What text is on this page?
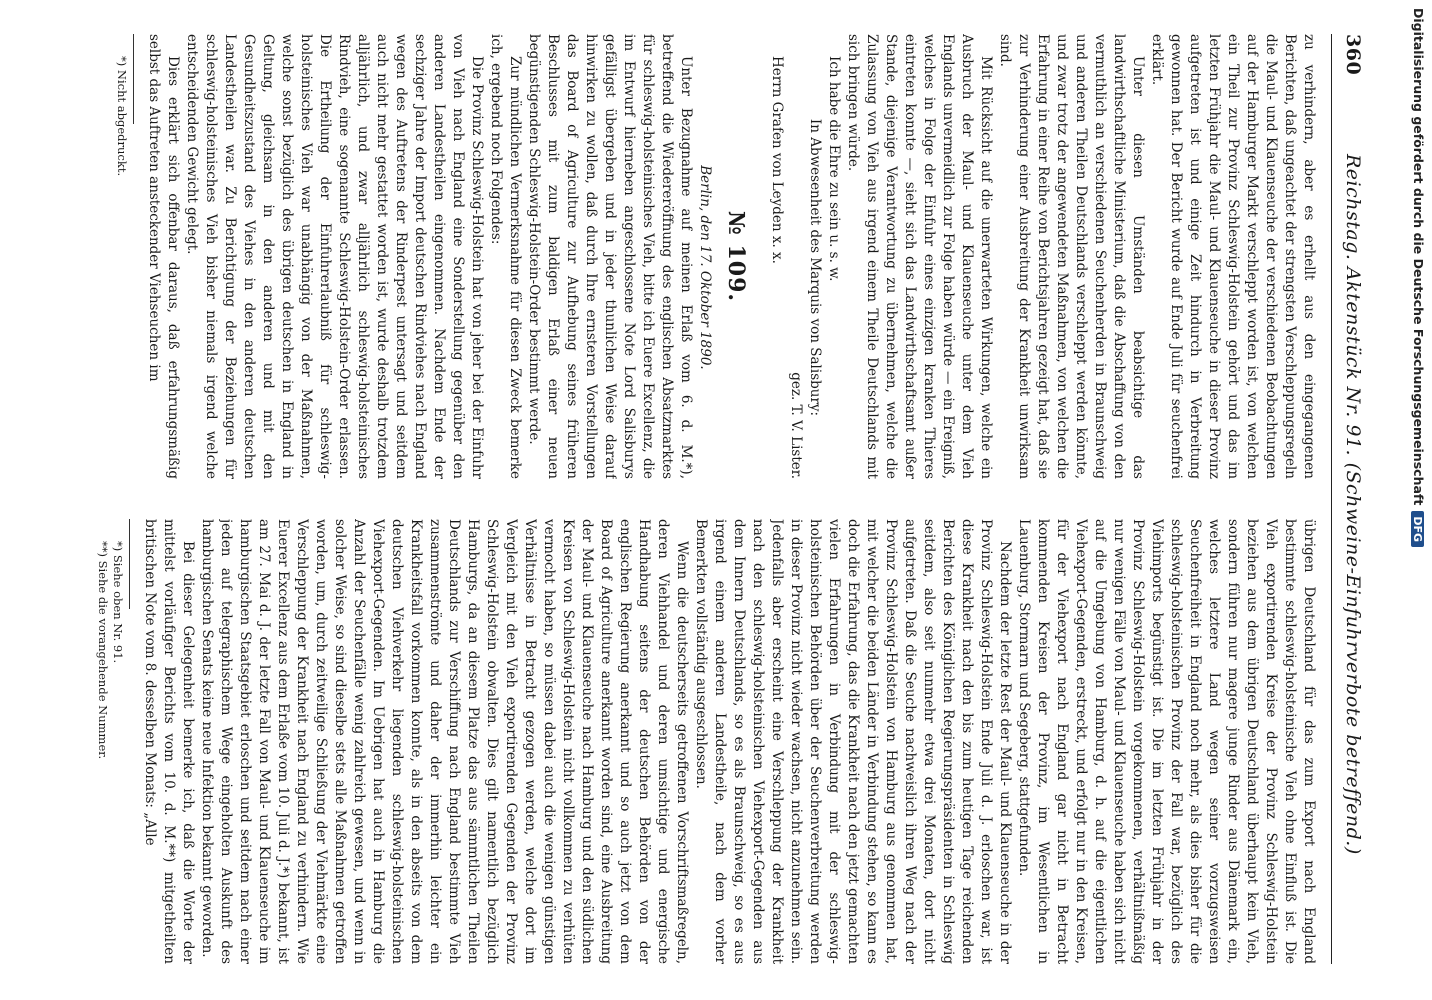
360
Reichstag. Aktenstück Nr. 91. (Schweine-Einfuhrverbote betreffend.)

zu verhindern, aber es erhellt aus den eingegangenen Berichten, daß ungeachtet der strengsten Verschleppungsregeln die Maul- und Klauenseuche der verschiedenen Beobachtungen auf der Hamburger Markt verschleppt worden ist, von welchen ein Theil zur Provinz Schleswig-Holstein gehört und das im letzten Frühjahr die Maul- und Klauenseuche in dieser Provinz aufgetreten ist und einige Zeit hindurch in Verbreitung gewonnen hat. Der Bericht wurde auf Ende Juli für seuchenfrei erklärt.

Unter diesen Umständen beabsichtige das landwirthschaftliche Ministerium, daß die Abschaffung von den vermuthlich an verschiedenen Seuchenherden in Braunschweig und anderen Theilen Deutschlands verschleppt werden könnte, und zwar trotz der angewendeten Maßnahmen, von welchen die Erfahrung in einer Reihe von Berichtsjahren gezeigt hat, daß sie zur Verhinderung einer Ausbreitung der Krankheit unwirksam sind.

Mit Rücksicht auf die unerwarteten Wirkungen, welche ein Ausbruch der Maul- und Klauenseuche unter dem Vieh Englands unvermeidlich zur Folge haben würde — ein Ereigniß, welches in Folge der Einfuhr eines einzigen kranken Thieres eintreten konnte —, sieht sich das Landwirthschaftsamt außer Stande, diejenige Verantwortung zu übernehmen, welche die Zulassung von Vieh aus irgend einem Theile Deutschlands mit sich bringen würde.

Ich habe die Ehre zu sein u. s. w.

In Abwesenheit des Marquis von Salisbury:

gez. T. V. Lister.

Herrn Grafen von Leyden x. x.

№ 109.

Berlin, den 17. Oktober 1890.

Unter Bezugnahme auf meinen Erlaß vom 6. d. M.*), betreffend die Wiedereröffnung des englischen Absatzmarktes für schleswig-holsteinisches Vieh, bitte ich Euere Excellenz, die im Entwurf hierneben angeschlossene Note Lord Salisburys gefälligst übergeben und in jeder thunlichen Weise darauf hinwirken zu wollen, daß durch Ihre ernsteren Vorstellungen das Board of Agriculture zur Aufhebung seines früheren Beschlusses mit zum baldigen Erlaß einer neuen begünstigenden Schleswig-Holstein-Order bestimmt werde.

Zur mündlichen Vermerksnahme für diesen Zweck bemerke ich, ergebend noch Folgendes:

Die Provinz Schleswig-Holstein hat von jeher bei der Einfuhr von Vieh nach England eine Sonderstellung gegenüber den anderen Landestheilen eingenommen. Nachdem Ende der sechziger Jahre der Import deutschen Rindviehes nach England wegen des Auftretens der Rinderpest untersagt und seitdem auch nicht mehr gestattet worden ist, wurde deshalb trotzdem alljährlich, und zwar alljährlich schleswig-holsteinisches Rindvieh, eine sogenannte Schleswig-Holstein-Order erlassen. Die Ertheilung der Einfuhrerlaubniß für schleswig-holsteinisches Vieh war unabhängig von der Maßnahmen, welche sonst bezüglich des übrigen deutschen in England in Geltung, gleichsam in den anderen und mit den Gesundheitszustand des Viehes in den anderen deutschen Landestheilen war. Zu Berichtigung der Beziehungen für schleswig-holsteinisches Vieh bisher niemals irgend welche entscheidenden Gewicht gelegt.

Dies erklärt sich offenbar daraus, daß erfahrungsmäßig selbst das Auftreten ansteckender Viehseuchen im

*) Nicht abgedruckt.

übrigen Deutschland für das zum Export nach England bestimmte schleswig-holsteinische Vieh ohne Einfluß ist. Die Vieh exportirenden Kreise der Provinz Schleswig-Holstein beziehen aus dem übrigen Deutschland überhaupt kein Vieh, sondern führen nur magere junge Rinder aus Dänemark ein, welches letztere Land wegen seiner vorzugsweisen Seuchenfreiheit in England noch mehr, als dies bisher für die schleswig-holsteinischen Provinz der Fall war, bezüglich des Viehimports begünstigt ist. Die im letzten Frühjahr in der Provinz Schleswig-Holstein vorgekommenen, verhältnißmäßig nur wenigen Fälle von Maul- und Klauenseuche haben sich nicht auf die Umgebung von Hamburg, d. h. auf die eigentlichen Viehexport-Gegenden, erstreckt, und erfolgt nur in den Kreisen, für der Viehexport nach England gar nicht in Betracht kommenden Kreisen der Provinz, im Wesentlichen in Lauenburg, Stormarn und Segeberg, stattgefunden.

Nachdem der letzte Rest der Maul- und Klauenseuche in der Provinz Schleswig-Holstein Ende Juli d. J. erloschen war, ist diese Krankheit nach den bis zum heutigen Tage reichenden Berichten des Königlichen Regierungspräsidenten in Schleswig seitdem, also seit nunmehr etwa drei Monaten, dort nicht aufgetreten. Daß die Seuche nachweislich ihren Weg nach der Provinz Schleswig-Holstein von Hamburg aus genommen hat, mit welcher die beiden Länder in Verbindung stehen, so kann es doch die Erfahrung, das die Krankheit nach den jetzt gemachten vielen Erfahrungen in Verbindung mit der schleswig-holsteinischen Behörden über der Seuchenverbreitung werden in dieser Provinz nicht wieder wachsen, nicht anzunehmen sein. Jedenfalls aber erscheint eine Verschleppung der Krankheit nach den schleswig-holsteinischen Viehexport-Gegenden aus dem Innern Deutschlands, so es als Braunschweig, so es aus irgend einem anderen Landestheile, nach dem vorher Bemerkten vollständig ausgeschlossen.

Wenn die deutscherseits getroffenen Vorschriftsmaßregeln, deren Viehhandel und deren umsichtige und energische Handhabung seitens der deutschen Behörden von der englischen Regierung anerkannt und so auch jetzt von dem Board of Agriculture anerkannt worden sind, eine Ausbreitung der Maul- und Klauenseuche nach Hamburg und den südlichen Kreisen von Schleswig-Holstein nicht vollkommen zu verhüten vermocht haben, so müssen dabei auch die wenigen günstigen Verhältnisse in Betracht gezogen werden, welche dort im Vergleich mit den Vieh exportirenden Gegenden der Provinz Schleswig-Holstein obwalten. Dies gilt namentlich bezüglich Hamburgs, da an diesem Platze das aus sämmtlichen Theilen Deutschlands zur Verschiffung nach England bestimmte Vieh zusammenströmte und daher der immerhin leichter ein Krankheitsfall vorkommen konnte, als in den abseits von dem deutschen Viehverkehr liegenden schleswig-holsteinischen Viehexport-Gegenden. Im Uebrigen hat auch in Hamburg die Anzahl der Seuchenfälle wenig zahlreich gewesen, und wenn in solcher Weise, so sind dieselbe stets alle Maßnahmen getroffen worden, um, durch zeitweilige Schließung der Viehmärkte eine Verschleppung der Krankheit nach England zu verhindern. Wie Euerer Excellenz aus dem Erlaße vom 10. Juli d. J.*) bekannt, ist am 27. Mai d. J. der letzte Fall von Maul- und Klauenseuche im hamburgischen Staatsgebiet erloschen und seitdem nach einer jeden auf telegraphischem Wege eingeholten Auskunft des hamburgischen Senats keine neue Infektion bekannt geworden.

Bei dieser Gelegenheit bemerke ich, daß die Worte der mittelst vorläufiger Berichts vom 10. d. M.**) mitgetheilten britischen Note vom 8. desselben Monats: „Alle

*) Siehe oben Nr. 91.

**) Siehe die vorangehende Nummer.

Digitalisierung gefördert durch die Deutsche ForschungsgemeinschaftDFG
